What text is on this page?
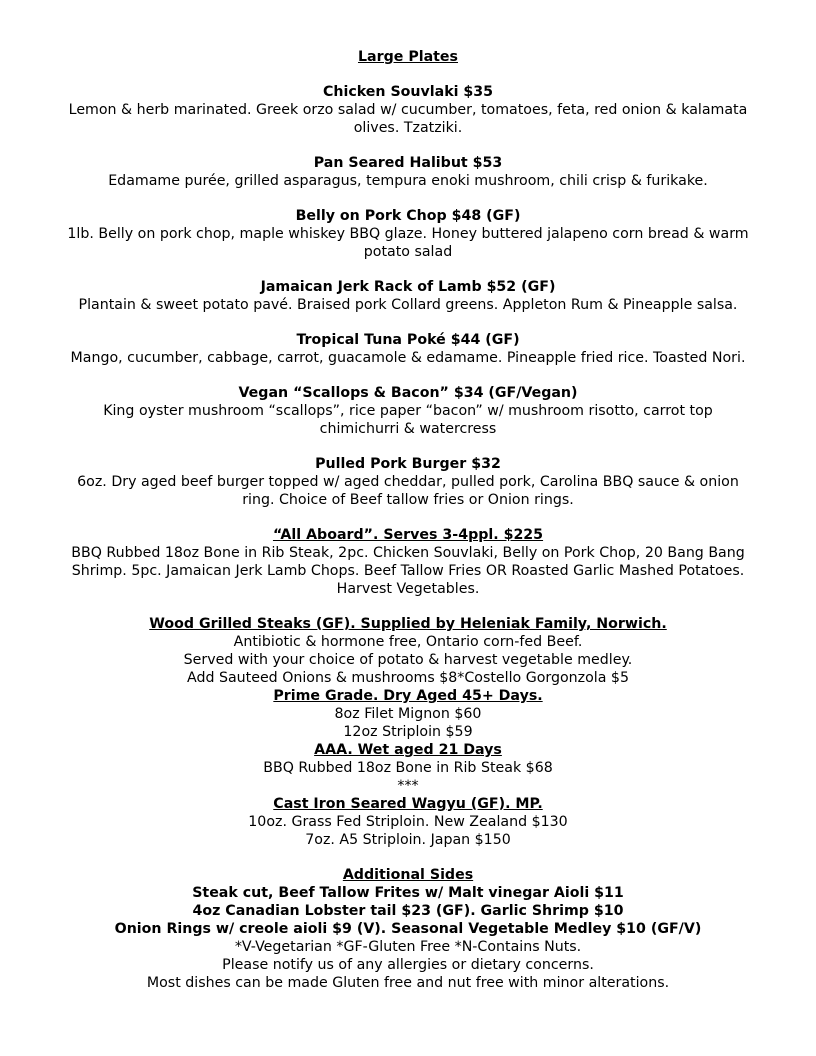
Large Plates

Chicken Souvlaki $35

Lemon & herb marinated. Greek orzo salad w/ cucumber, tomatoes, feta, red onion & kalamata olives. Tzatziki.

Pan Seared Halibut $53

Edamame purée, grilled asparagus, tempura enoki mushroom, chili crisp & furikake.

Belly on Pork Chop $48 (GF)

1lb. Belly on pork chop, maple whiskey BBQ glaze. Honey buttered jalapeno corn bread & warm potato salad

Jamaican Jerk Rack of Lamb $52 (GF)

Plantain & sweet potato pavé. Braised pork Collard greens. Appleton Rum & Pineapple salsa.

Tropical Tuna Poké $44 (GF)

Mango, cucumber, cabbage, carrot, guacamole & edamame. Pineapple fried rice. Toasted Nori.

Vegan “Scallops & Bacon” $34 (GF/Vegan)

King oyster mushroom “scallops”, rice paper “bacon” w/ mushroom risotto, carrot top chimichurri & watercress

Pulled Pork Burger $32

6oz. Dry aged beef burger topped w/ aged cheddar, pulled pork, Carolina BBQ sauce & onion ring. Choice of Beef tallow fries or Onion rings.

“All Aboard”. Serves 3-4ppl. $225

BBQ Rubbed 18oz Bone in Rib Steak, 2pc. Chicken Souvlaki, Belly on Pork Chop, 20 Bang Bang Shrimp. 5pc. Jamaican Jerk Lamb Chops. Beef Tallow Fries OR Roasted Garlic Mashed Potatoes. Harvest Vegetables.

Wood Grilled Steaks (GF). Supplied by Heleniak Family, Norwich.

Antibiotic & hormone free, Ontario corn-fed Beef.

Served with your choice of potato & harvest vegetable medley.

Add Sauteed Onions & mushrooms $8*Costello Gorgonzola $5

Prime Grade. Dry Aged 45+ Days.

8oz Filet Mignon $60

12oz Striploin $59

AAA. Wet aged 21 Days

BBQ Rubbed 18oz Bone in Rib Steak $68

***

Cast Iron Seared Wagyu (GF). MP.

10oz. Grass Fed Striploin. New Zealand $130

7oz. A5 Striploin. Japan $150

Additional Sides

Steak cut, Beef Tallow Frites w/ Malt vinegar Aioli $11

4oz Canadian Lobster tail $23 (GF). Garlic Shrimp $10

Onion Rings w/ creole aioli $9 (V). Seasonal Vegetable Medley $10 (GF/V)

*V-Vegetarian *GF-Gluten Free *N-Contains Nuts.

Please notify us of any allergies or dietary concerns.

Most dishes can be made Gluten free and nut free with minor alterations.
